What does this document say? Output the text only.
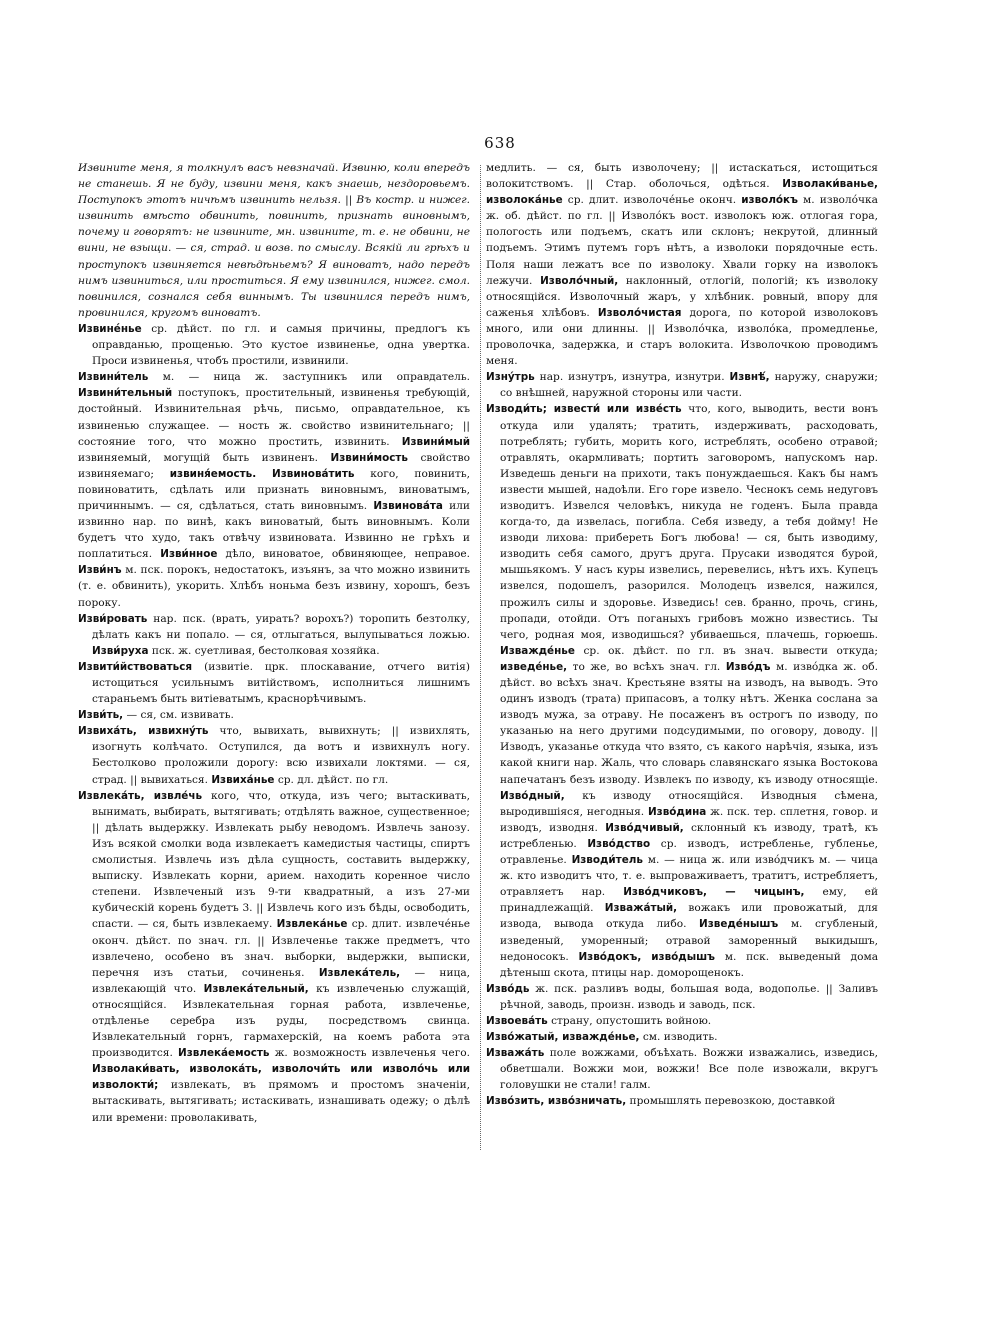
638

Извините меня, я толкнулъ васъ невзначай. Извиню, коли впередъ не станешь. Я не буду, извини меня, какъ знаешь, нездоровьемъ. Поступокъ этотъ ничѣмъ извинить нельзя. || Въ костр. и нижег. извинить вмѣсто обвинить, повинить, признать виновнымъ, почему и говорятъ: не извините, мн. извините, т. е. не обвини, не вини, не взыщи. — ся, страд. и возв. по смыслу. Всякій ли грѣхъ и проступокъ извиняется невѣдѣньемъ? Я виноватъ, надо передъ нимъ извиниться, или проститься. Я ему извинился, нижег. смол. повинился, сознался себя виннымъ. Ты извинился передъ нимъ, провинился, кругомъ виноватъ.

Извинéнье ср. дѣйст. по гл. и самыя причины, предлогъ къ оправданью, прощенью. Это кустое извиненье, одна увертка. Проси извиненья, чтобъ простили, извинили.

Извини́тель м. — ница ж. заступникъ или оправдатель. Извини́тельный поступокъ, простительный, извиненья требующій, достойный. Извинительная рѣчь, письмо, оправдательное, къ извиненью служащее. — ность ж. свойство извинительнаго; || состояние того, что можно простить, извинить. Извини́мый извиняемый, могущій быть извиненъ. Извини́мость свойство извиняемаго; извиня́емость. Извинова́тить кого, повинить, повиноватить, сдѣлать или признать виновнымъ, виноватымъ, причиннымъ. — ся, сдѣлаться, стать виновнымъ. Извинова́та или извинно нар. по винѣ, какъ виноватый, быть виновнымъ. Коли будетъ что худо, такъ отвѣчу извиновата. Извинно не грѣхъ и поплатиться. Изви́нное дѣло, виноватое, обвиняющее, неправое. Изви́нъ м. пск. порокъ, недостатокъ, изъянъ, за что можно извинить (т. е. обвинить), укорить. Хлѣбъ ноньма безъ извину, хорошъ, безъ пороку.

Изви́ровать нар. пск. (врать, уирать? ворохъ?) торопить безтолку, дѣлать какъ ни попало. — ся, отлыгаться, вылупываться ложью. Изви́руха пск. ж. суетливая, бестолковая хозяйка.

Извити́йствоваться (извитіе. црк. плоскавание, отчего витія) истощиться усильнымъ витійствомъ, исполниться лишнимъ стараньемъ быть витіеватымъ, краснорѣчивымъ.

Изви́ть, — ся, см. извивать.

Извиха́ть, извихну́ть что, вывихать, вывихнуть; || извихлять, изогнуть колѣчато. Оступился, да вотъ и извихнулъ ногу. Бестолково проложили дорогу: всю извихали локтями. — ся, страд. || вывихаться. Извиха́нье ср. дл. дѣйст. по гл.

Извлека́ть, извле́чь кого, что, откуда, изъ чего; вытаскивать, вынимать, выбирать, вытягивать; отдѣлять важное, существенное; || дѣлать выдержку. Извлекать рыбу неводомъ. Извлечь занозу. Изъ всякой смолки вода извлекаетъ камедистыя частицы, спиртъ смолистыя. Извлечь изъ дѣла сущность, составить выдержку, выписку. Извлекать корни, арием. находить коренное число степени. Извлеченый изъ 9-ти квадратный, а изъ 27-ми кубическій корень будетъ 3. || Извлечь кого изъ бѣды, освободить, спасти. — ся, быть извлекаему. Извлека́нье ср. длит. извлече́нье оконч. дѣйст. по знач. гл. || Извлеченье также предметъ, что извлечено, особено въ знач. выборки, выдержки, выписки, перечня изъ статьи, сочиненья. Извлека́тель, — ница, извлекающій что. Извлека́тельный, къ извлеченью служащій, относящійся. Извлекательная горная работа, извлеченье, отдѣленье серебра изъ руды, посредствомъ свинца. Извлекательный горнъ, гармахерскій, на коемъ работа эта производится. Извлека́емость ж. возможность извлеченья чего. Изволаки́вать, изволока́ть, изволочи́ть или изволо́чь или изволокти́; извлекать, въ прямомъ и простомъ значеніи, вытаскивать, вытягивать; истаскивать, изнашивать одежу; о дѣлѣ или времени: проволакивать,

медлить. — ся, быть изволочену; || истаскаться, истощиться волокитствомъ. || Стар. оболочься, одѣться. Изволаки́ванье, изволока́нье ср. длит. изволоче́нье оконч. изволо́къ м. изволо́чка ж. об. дѣйст. по гл. || Изволо́къ вост. изволокъ юж. отлогая гора, пологость или подъемъ, скатъ или склонъ; некрутой, длинный подъемъ. Этимъ путемъ горъ нѣтъ, а изволоки порядочные есть. Поля наши лежатъ все по изволоку. Хвали горку на изволокъ лежучи. Изволо́чный, наклонный, отлогій, пологій; къ изволоку относящійся. Изволочный жаръ, у хлѣбник. ровный, впору для саженья хлѣбовъ. Изволо́чистая дорога, по которой изволоковъ много, или они длинны. || Изволо́чка, изволо́ка, промедленье, проволочка, задержка, и старъ волокита. Изволочкою проводимъ меня.

Изну́трь нар. изнутръ, изнутра, изнутри. Извнѣ́, наружу, снаружи; со внѣшней, наружной стороны или части.

Изводи́ть; извести́ или изве́сть что, кого, выводить, вести вонъ откуда или удалять; тратить, издерживать, расходовать, потреблять; губить, морить кого, истреблять, особено отравой; отравлять, окармливать; портить заговоромъ, напускомъ нар. Изведешь деньги на прихоти, такъ понуждаешься. Какъ бы намъ извести мышей, надоѣли. Его горе извело. Чеснокъ семь недуговъ изводитъ. Извелся человѣкъ, никуда не годенъ. Была правда когда-то, да извелась, погибла. Себя изведу, а тебя дойму! Не изводи лихова: прибереть Богъ любова! — ся, быть изводиму, изводить себя самого, другъ друга. Прусаки изводятся бурой, мышьякомъ. У насъ куры извелись, перевелись, нѣтъ ихъ. Купецъ извелся, подошелъ, разорился. Молодецъ извелся, нажился, прожилъ силы и здоровье. Изведись! сев. бранно, прочь, сгинь, пропади, отойди. Отъ поганыхъ грибовъ можно известись. Ты чего, родная моя, изводишься? убиваешься, плачешь, горюешь. Изважде́нье ср. ок. дѣйст. по гл. въ знач. вывести откуда; изведе́нье, то же, во всѣхъ знач. гл. Изво́дъ м. изво́дка ж. об. дѣйст. во всѣхъ знач. Крестьяне взяты на изводъ, на выводъ. Это одинъ изводъ (трата) припасовъ, а толку нѣтъ. Женка сослана за изводъ мужа, за отраву. Не посаженъ въ острогъ по изводу, по указанью на него другими подсудимыми, по оговору, доводу. || Изводъ, указанье откуда что взято, съ какого нарѣчія, языка, изъ какой книги нар. Жаль, что словарь славянскаго языка Востокова напечатанъ безъ изводу. Извлекъ по изводу, къ изводу относящіе. Изво́дный, къ изводу относящійся. Изводныя сѣмена, выродившіяся, негодныя. Изво́дина ж. пск. тер. сплетня, говор. и изводъ, изводня. Изво́дчивый, склонный къ изводу, тратѣ, къ истребленью. Изво́дство ср. изводъ, истребленье, губленье, отравленье. Изводи́тель м. — ница ж. или изво́дчикъ м. — чица ж. кто изводитъ что, т. е. выпроваживаетъ, тратитъ, истребляетъ, отравляетъ нар. Изво́дчиковъ, — чицынъ, ему, ей принадлежащій. Изважа́тый, вожакъ или провожатый, для извода, вывода откуда либо. Изведе́нышъ м. сгубленый, изведеный, уморенный; отравой заморенный выкидышъ, недоносокъ. Изво́докъ, изво́дышъ м. пск. выведеный дома дѣтеныш скота, птицы нар. доморощенокъ.

Изво́дь ж. пск. разливъ воды, большая вода, водополье. || Заливъ рѣчной, заводь, произн. изводь и заводь, пск.

Извоева́ть страну, опустошить войною.

Изво́жатый, изважде́нье, см. изводить.

Изважа́ть поле вожжами, объѣхать. Вожжи изважались, изведись, обветшали. Вожжи мои, вожжи! Все поле извожали, вкругъ головушки не стали! галм.

Изво́зить, изво́зничать, промышлять перевозкою, доставкой
